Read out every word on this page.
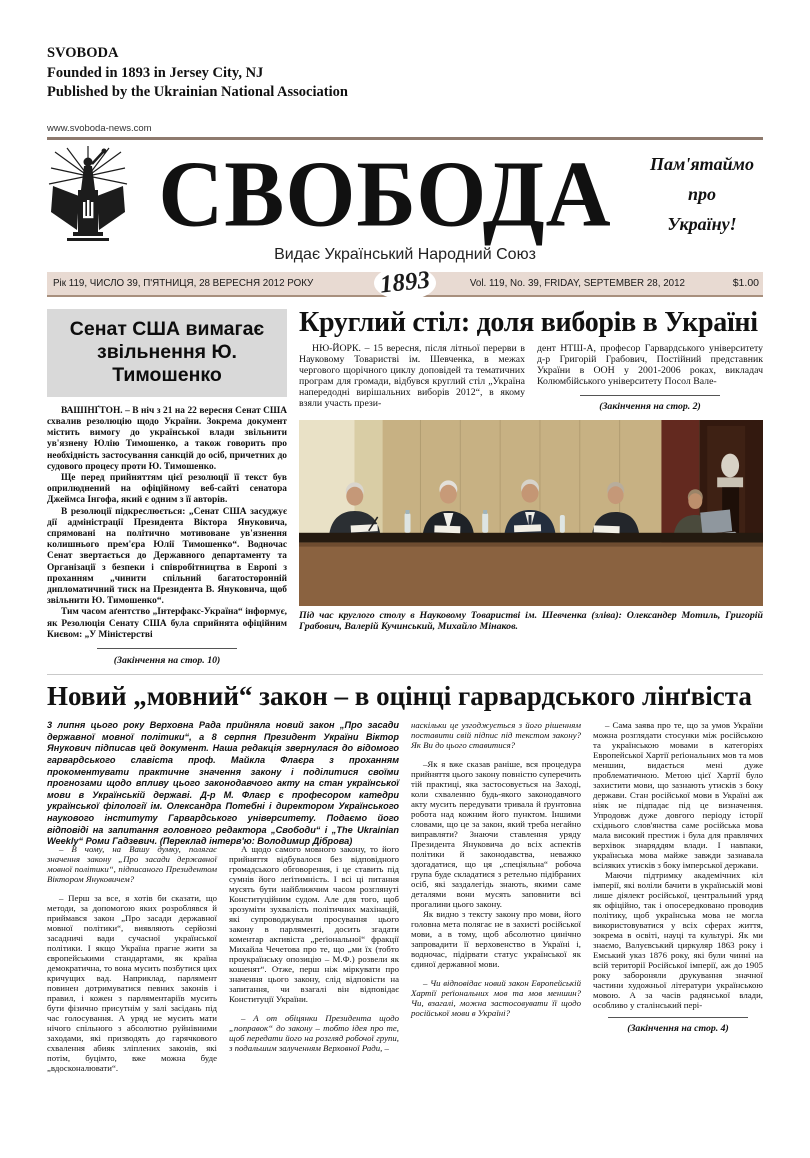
SVOBODA
Founded in 1893 in Jersey City, NJ
Published by the Ukrainian National Association
www.svoboda-news.com
СВОБОДА	Пам'ятаймо
про
Україну!
Видає Український Народний Союз
Рік 119, ЧИСЛО 39, П'ЯТНИЦЯ, 28 ВЕРЕСНЯ 2012 РОКУ	1893	Vol. 119, No. 39, FRIDAY, SEPTEMBER 28, 2012	$1.00
Сенат США вимагає звільнення Ю. Тимошенко

ВАШІНҐТОН. – В ніч з 21 на 22 вересня Сенат США схвалив резолюцію щодо України. Зокрема документ містить вимогу до української влади звільнити ув'язнену Юлію Тимошенко, а також говорить про необхідність застосування санкцій до осіб, причетних до судового процесу проти Ю. Тимошенко.

Ще перед прийняттям цієї резолюції її текст був оприлюднений на офіційному веб-сайті сенатора Джеймса Інгофа, який є одним з її авторів.

В резолюції підкреслюється: „Сенат США засуджує дії адміністрації Президента Віктора Януковича, спрямовані на політично мотивоване ув'язнення колишнього прем'єра Юлії Тимошенко“. Водночас Сенат звертається до Державного департаменту та Організації з безпеки і співробітництва в Европі з проханням „чинити спільний багатосторонній дипломатичний тиск на Президента В. Януковича, щоб звільнити Ю. Тимошенко“.

Тим часом аґентство „Інтерфакс-Україна“ інформує, як Резолюція Сенату США була сприйнята офіційним Києвом: „У Міністерстві

(Закінчення на стор. 10)
Круглий стіл: доля виборів в Україні

НЮ-ЙОРК. – 15 вересня, після літньої перерви в Науковому Товаристві ім. Шевченка, в межах чергового щорічного циклу доповідей та тематичних програм для громади, відбувся круглий стіл „Україна напередодні вирішальних виборів 2012“, в якому взяли участь прези-

дент НТШ-А, професор Гарвардського університету д-р Григорій Грабович, Постійний представник України в ООН у 2001-2006 роках, викладач Колюмбійського університету Посол Вале-

(Закінчення на стор. 2)
Під час круглого столу в Науковому Товаристві ім. Шевченка (зліва): Олександер Мотиль, Григорій Грабович, Валерій Кучинський, Михайло Мінаков.
Новий „мовний“ закон – в оцінці гарвардського лінґвіста
3 липня цього року Верховна Рада прийняла новий закон „Про засади державної мовної політики“, а 8 серпня Президент України Віктор Янукович підписав цей документ. Наша редакція звернулася до відомого гарвардського славіста проф. Майкла Флаєра з проханням прокоментувати практичне значення закону і поділитися своїми прогнозами щодо впливу цього законодавчого акту на стан української мови в Українській державі. Д-р М. Флаєр є професором катедри української філології ім. Олександра Потебні і директором Українського наукового інституту Гарвардського університету. Подаємо його відповіді на запитання головного редактора „Свободи“ і „The Ukrainian Weekly“ Роми Гадзевич. (Переклад інтерв'ю: Володимир Діброва)

– В чому, на Вашу думку, полягає значення закону „Про засади державної мовної політики“, підписаного Президентом Віктором Януковичем?

– Перш за все, я хотів би сказати, що методи, за допомогою яких розроблявся й приймався закон „Про засади державної мовної політики“, виявляють серйозні засадничі вади сучасної української політики. І якщо Україна прагне жити за європейськими стандартами, як країна демократична, то вона мусить позбутися цих кричущих вад. Наприклад, парлямент повинен дотримуватися певних законів і правил, і кожен з парляментаріїв мусить бути фізично присутнім у залі засідань під час голосування. А уряд не мусить мати нічого спільного з абсолютно руйнівними заходами, які призводять до гарячкового схвалення абияк зліплених законів, які потім, буцімто, вже можна буде „вдосконалювати“.

А щодо самого мовного закону, то його прийняття відбувалося без відповідного громадського обговорення, і це ставить під сумнів його леґітимність. І всі ці питання мусять бути найближчим часом розглянуті Конституційним судом. Але для того, щоб зрозуміти зухвалість політичних махінацій, які супроводжували просування цього закону в парляменті, досить згадати коментар активіста „реґіональної“ фракції Михайла Чечетова про те, що „ми їх (тобто проукраїнську опозицію – М.Ф.) розвели як кошенят“. Отже, перш ніж міркувати про значення цього закону, слід відповісти на запитання, чи взагалі він відповідає Конституції України.

– А от обіцянки Президента щодо „поправок“ до закону – тобто ідея про те, щоб передати його на розгляд робочої групи, з подальшим залученням Верховної Ради, –

наскільки це узгоджується з його рішенням поставити свій підпис під текстом закону? Як Ви до цього ставитися?

–Як я вже сказав раніше, вся процедура прийняття цього закону повністю суперечить тій практиці, яка застосовується на Заході, коли схваленню будь-якого законодавчого акту мусить передувати тривала й ґрунтовна робота над кожним його пунктом. Іншими словами, що це за закон, який треба негайно виправляти? Знаючи ставлення уряду Президента Януковича до всіх аспектів політики й законодавства, неважко здогадатися, що ця „спеціяльна“ робоча група буде складатися з ретельно підібраних осіб, які заздалегідь знають, якими саме деталями вони мусять заповнити всі прогалини цього закону.

Як видно з тексту закону про мови, його головна мета полягає не в захисті російської мови, а в тому, щоб абсолютно цинічно запровадити її верховенство в Україні і, водночас, підірвати статус української як єдиної державної мови.

– Чи відповідає новий закон Европейській Хартії реґіональних мов та мов меншин? Чи, взагалі, можна застосовувати її щодо російської мови в Україні?

– Сама заява про те, що за умов України можна розглядати стосунки між російською та українською мовами в категоріях Европейської Хартії реґіональних мов та мов меншин, видається мені дуже проблематичною. Метою цієї Хартії було захистити мови, що зазнають утисків з боку держави. Стан російської мови в Україні аж ніяк не підпадає під це визначення. Упродовж дуже довгого періоду історії східнього слов'янства саме російська мова мала високий престиж і була для правлячих верхівок знаряддям влади. І навпаки, українська мова майже завжди зазнавала всіляких утисків з боку імперської держави.

Маючи підтримку академічних кіл імперії, які воліли бачити в українській мові лише діялект російської, центральний уряд як офіційно, так і опосередковано проводив політику, щоб українська мова не могла використовуватися у всіх сферах життя, зокрема в освіті, науці та культурі. Як ми знаємо, Валуєвський циркуляр 1863 року і Емський указ 1876 року, які були чинні на всій території Російської імперії, аж до 1905 року забороняли друкування значної частини художньої літератури українською мовою. А за часів радянської влади, особливо у сталінський пері-

(Закінчення на стор. 4)
